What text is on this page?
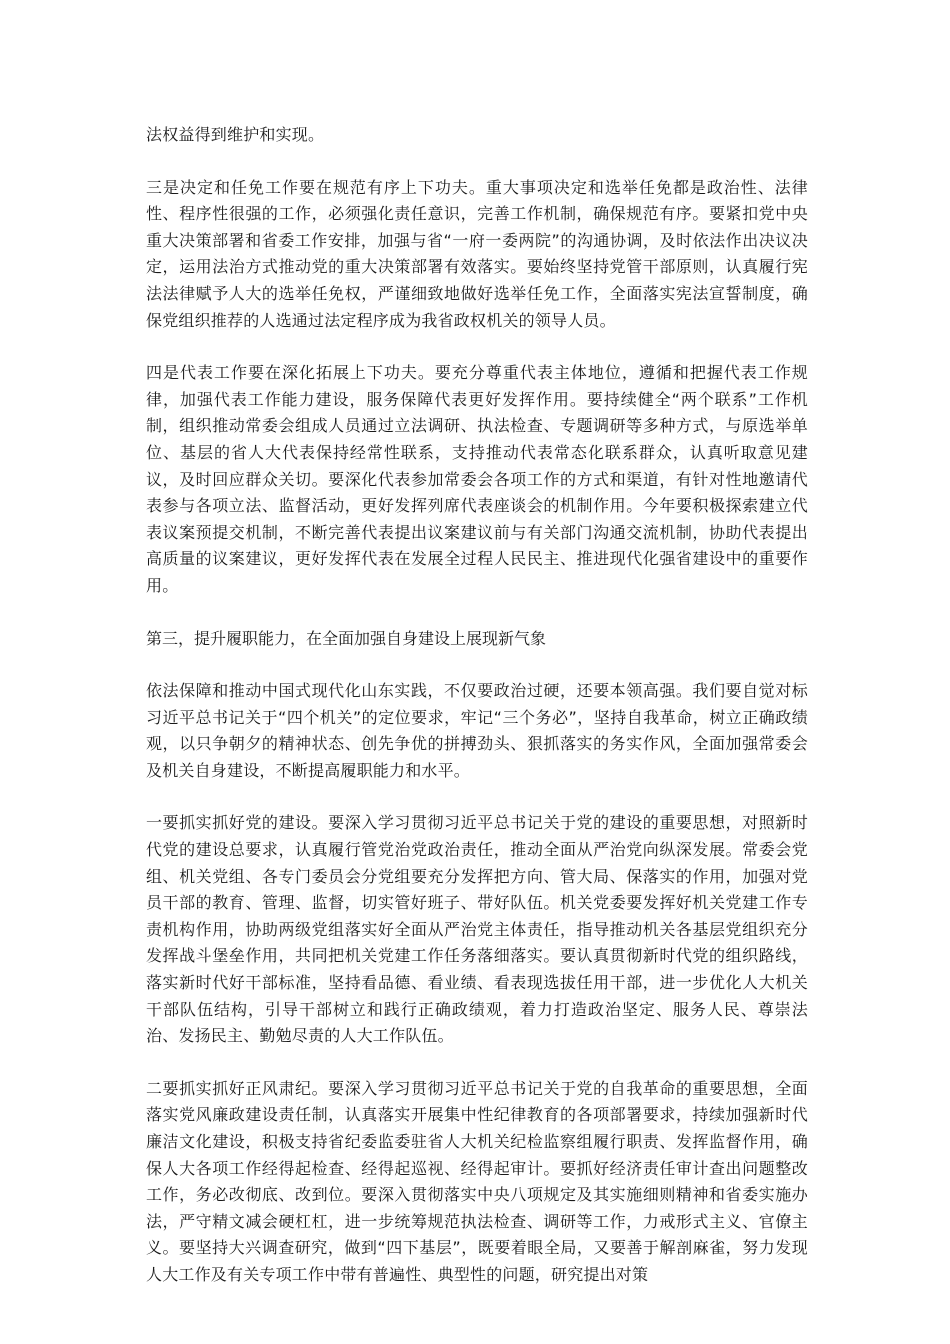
法权益得到维护和实现。

三是决定和任免工作要在规范有序上下功夫。重大事项决定和选举任免都是政治性、法律性、程序性很强的工作，必须强化责任意识，完善工作机制，确保规范有序。要紧扣党中央重大决策部署和省委工作安排，加强与省“一府一委两院”的沟通协调，及时依法作出决议决定，运用法治方式推动党的重大决策部署有效落实。要始终坚持党管干部原则，认真履行宪法法律赋予人大的选举任免权，严谨细致地做好选举任免工作，全面落实宪法宣誓制度，确保党组织推荐的人选通过法定程序成为我省政权机关的领导人员。

四是代表工作要在深化拓展上下功夫。要充分尊重代表主体地位，遵循和把握代表工作规律，加强代表工作能力建设，服务保障代表更好发挥作用。要持续健全“两个联系”工作机制，组织推动常委会组成人员通过立法调研、执法检查、专题调研等多种方式，与原选举单位、基层的省人大代表保持经常性联系，支持推动代表常态化联系群众，认真听取意见建议，及时回应群众关切。要深化代表参加常委会各项工作的方式和渠道，有针对性地邀请代表参与各项立法、监督活动，更好发挥列席代表座谈会的机制作用。今年要积极探索建立代表议案预提交机制，不断完善代表提出议案建议前与有关部门沟通交流机制，协助代表提出高质量的议案建议，更好发挥代表在发展全过程人民民主、推进现代化强省建设中的重要作用。

第三，提升履职能力，在全面加强自身建设上展现新气象

依法保障和推动中国式现代化山东实践，不仅要政治过硬，还要本领高强。我们要自觉对标习近平总书记关于“四个机关”的定位要求，牢记“三个务必”，坚持自我革命，树立正确政绩观，以只争朝夕的精神状态、创先争优的拼搏劲头、狠抓落实的务实作风，全面加强常委会及机关自身建设，不断提高履职能力和水平。

一要抓实抓好党的建设。要深入学习贯彻习近平总书记关于党的建设的重要思想，对照新时代党的建设总要求，认真履行管党治党政治责任，推动全面从严治党向纵深发展。常委会党组、机关党组、各专门委员会分党组要充分发挥把方向、管大局、保落实的作用，加强对党员干部的教育、管理、监督，切实管好班子、带好队伍。机关党委要发挥好机关党建工作专责机构作用，协助两级党组落实好全面从严治党主体责任，指导推动机关各基层党组织充分发挥战斗堡垒作用，共同把机关党建工作任务落细落实。要认真贯彻新时代党的组织路线，落实新时代好干部标准，坚持看品德、看业绩、看表现选拔任用干部，进一步优化人大机关干部队伍结构，引导干部树立和践行正确政绩观，着力打造政治坚定、服务人民、尊崇法治、发扬民主、勤勉尽责的人大工作队伍。

二要抓实抓好正风肃纪。要深入学习贯彻习近平总书记关于党的自我革命的重要思想，全面落实党风廉政建设责任制，认真落实开展集中性纪律教育的各项部署要求，持续加强新时代廉洁文化建设，积极支持省纪委监委驻省人大机关纪检监察组履行职责、发挥监督作用，确保人大各项工作经得起检查、经得起巡视、经得起审计。要抓好经济责任审计查出问题整改工作，务必改彻底、改到位。要深入贯彻落实中央八项规定及其实施细则精神和省委实施办法，严守精文减会硬杠杠，进一步统筹规范执法检查、调研等工作，力戒形式主义、官僚主义。要坚持大兴调查研究，做到“四下基层”，既要着眼全局，又要善于解剖麻雀，努力发现人大工作及有关专项工作中带有普遍性、典型性的问题，研究提出对策
